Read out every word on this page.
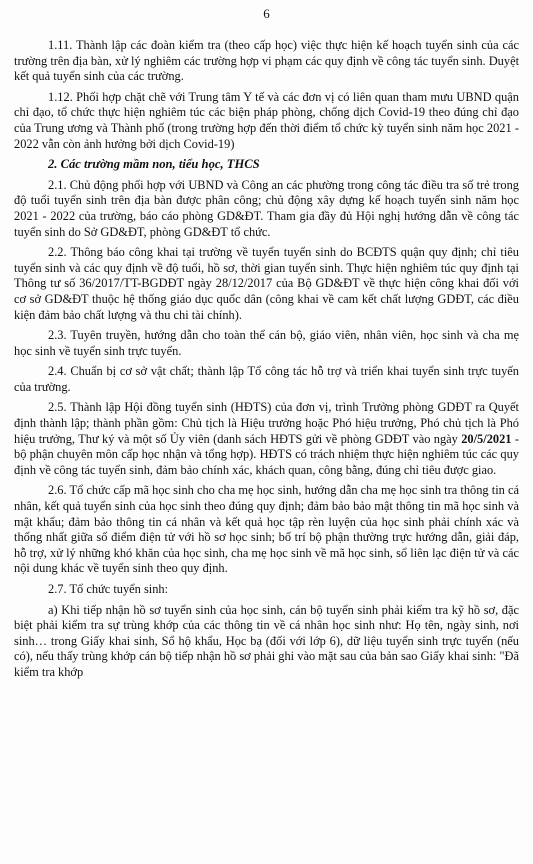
6

1.11. Thành lập các đoàn kiểm tra (theo cấp học) việc thực hiện kế hoạch tuyển sinh của các trường trên địa bàn, xử lý nghiêm các trường hợp vi phạm các quy định về công tác tuyển sinh. Duyệt kết quả tuyển sinh của các trường.

1.12. Phối hợp chặt chẽ với Trung tâm Y tế và các đơn vị có liên quan tham mưu UBND quận chỉ đạo, tổ chức thực hiện nghiêm túc các biện pháp phòng, chống dịch Covid-19 theo đúng chỉ đạo của Trung ương và Thành phố (trong trường hợp đến thời điểm tổ chức kỳ tuyển sinh năm học 2021 - 2022 vẫn còn ảnh hưởng bởi dịch Covid-19)

2. Các trường mầm non, tiểu học, THCS

2.1. Chủ động phối hợp với UBND và Công an các phường trong công tác điều tra số trẻ trong độ tuổi tuyển sinh trên địa bàn được phân công; chủ động xây dựng kế hoạch tuyển sinh năm học 2021 - 2022 của trường, báo cáo phòng GD&ĐT. Tham gia đầy đủ Hội nghị hướng dẫn về công tác tuyển sinh do Sở GD&ĐT, phòng GD&ĐT tổ chức.

2.2. Thông báo công khai tại trường về tuyển tuyển sinh do BCĐTS quận quy định; chỉ tiêu tuyển sinh và các quy định về độ tuổi, hồ sơ, thời gian tuyển sinh. Thực hiện nghiêm túc quy định tại Thông tư số 36/2017/TT-BGDĐT ngày 28/12/2017 của Bộ GD&ĐT về thực hiện công khai đối với cơ sở GD&ĐT thuộc hệ thống giáo dục quốc dân (công khai về cam kết chất lượng GDĐT, các điều kiện đảm bảo chất lượng và thu chi tài chính).

2.3. Tuyên truyền, hướng dẫn cho toàn thể cán bộ, giáo viên, nhân viên, học sinh và cha mẹ học sinh về tuyển sinh trực tuyến.

2.4. Chuẩn bị cơ sở vật chất; thành lập Tổ công tác hỗ trợ và triển khai tuyển sinh trực tuyến của trường.

2.5. Thành lập Hội đồng tuyển sinh (HĐTS) của đơn vị, trình Trưởng phòng GDĐT ra Quyết định thành lập; thành phần gồm: Chủ tịch là Hiệu trưởng hoặc Phó hiệu trưởng, Phó chủ tịch là Phó hiệu trưởng, Thư ký và một số Ủy viên (danh sách HĐTS gửi về phòng GDĐT vào ngày 20/5/2021 - bộ phận chuyên môn cấp học nhận và tổng hợp). HĐTS có trách nhiệm thực hiện nghiêm túc các quy định về công tác tuyển sinh, đảm bảo chính xác, khách quan, công bằng, đúng chỉ tiêu được giao.

2.6. Tổ chức cấp mã học sinh cho cha mẹ học sinh, hướng dẫn cha mẹ học sinh tra thông tin cá nhân, kết quả tuyển sinh của học sinh theo đúng quy định; đảm bảo bảo mật thông tin mã học sinh và mật khẩu; đảm bảo thông tin cá nhân và kết quả học tập rèn luyện của học sinh phải chính xác và thống nhất giữa số điểm điện tử với hồ sơ học sinh; bố trí bộ phận thường trực hướng dẫn, giải đáp, hỗ trợ, xử lý những khó khăn của học sinh, cha mẹ học sinh về mã học sinh, sổ liên lạc điện tử và các nội dung khác về tuyển sinh theo quy định.

2.7. Tổ chức tuyển sinh:

a) Khi tiếp nhận hồ sơ tuyển sinh của học sinh, cán bộ tuyển sinh phải kiểm tra kỹ hồ sơ, đặc biệt phải kiểm tra sự trùng khớp của các thông tin về cá nhân học sinh như: Họ tên, ngày sinh, nơi sinh… trong Giấy khai sinh, Sổ hộ khẩu, Học bạ (đối với lớp 6), dữ liệu tuyển sinh trực tuyến (nếu có), nếu thấy trùng khớp cán bộ tiếp nhận hồ sơ phải ghi vào mặt sau của bản sao Giấy khai sinh: "Đã kiểm tra khớp
